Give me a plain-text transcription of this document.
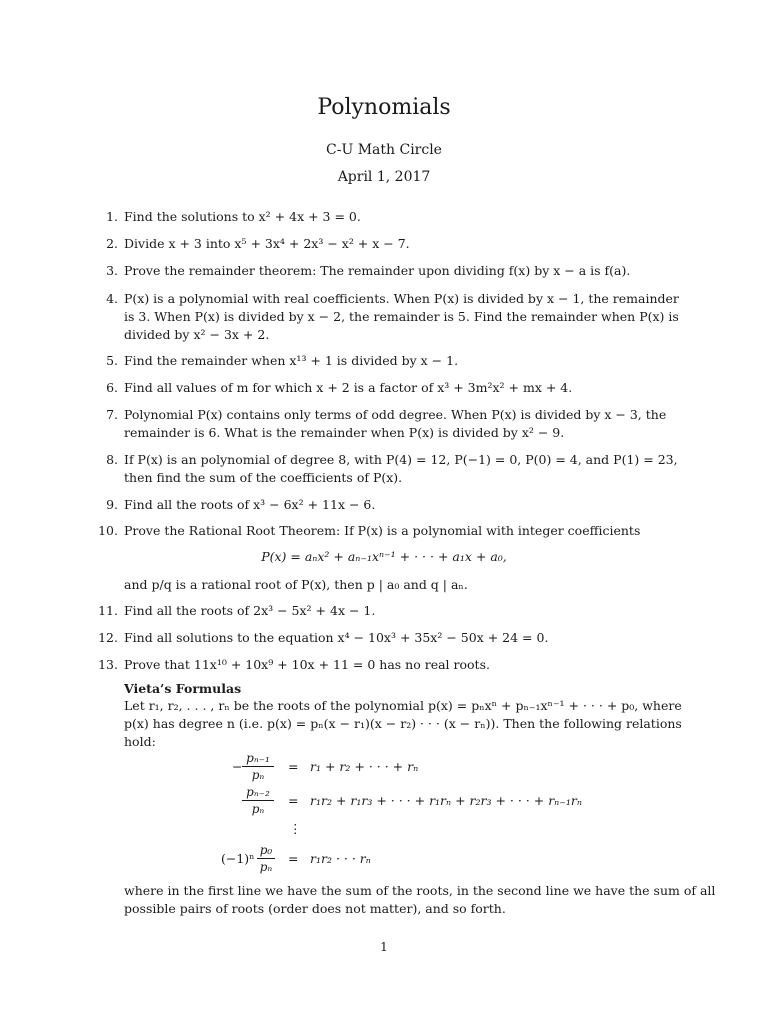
Polynomials
C-U Math Circle
April 1, 2017
1. Find the solutions to x² + 4x + 3 = 0.
2. Divide x + 3 into x⁵ + 3x⁴ + 2x³ − x² + x − 7.
3. Prove the remainder theorem: The remainder upon dividing f(x) by x − a is f(a).
4. P(x) is a polynomial with real coefficients. When P(x) is divided by x − 1, the remainder
is 3. When P(x) is divided by x − 2, the remainder is 5. Find the remainder when P(x) is
divided by x² − 3x + 2.
5. Find the remainder when x¹³ + 1 is divided by x − 1.
6. Find all values of m for which x + 2 is a factor of x³ + 3m²x² + mx + 4.
7. Polynomial P(x) contains only terms of odd degree. When P(x) is divided by x − 3, the
remainder is 6. What is the remainder when P(x) is divided by x² − 9.
8. If P(x) is an polynomial of degree 8, with P(4) = 12, P(−1) = 0, P(0) = 4, and P(1) = 23,
then find the sum of the coefficients of P(x).
9. Find all the roots of x³ − 6x² + 11x − 6.
10. Prove the Rational Root Theorem: If P(x) is a polynomial with integer coefficients
P(x) = aₙx² + aₙ₋₁xⁿ⁻¹ + · · · + a₁x + a₀,
and p/q is a rational root of P(x), then p | a₀ and q | aₙ.
11. Find all the roots of 2x³ − 5x² + 4x − 1.
12. Find all solutions to the equation x⁴ − 10x³ + 35x² − 50x + 24 = 0.
13. Prove that 11x¹⁰ + 10x⁹ + 10x + 11 = 0 has no real roots.
Vieta’s Formulas
Let r₁, r₂, . . . , rₙ be the roots of the polynomial p(x) = pₙxⁿ + pₙ₋₁xⁿ⁻¹ + · · · + p₀, where
p(x) has degree n (i.e. p(x) = pₙ(x − r₁)(x − r₂) · · · (x − rₙ)). Then the following relations
hold:
−
pₙ₋₁
pₙ
= r₁ + r₂ + · · · + rₙ
pₙ₋₂
pₙ
= r₁r₂ + r₁r₃ + · · · + r₁rₙ + r₂r₃ + · · · + rₙ₋₁rₙ
⋮
(−1)ⁿ
p₀
pₙ
= r₁r₂ · · · rₙ
where in the first line we have the sum of the roots, in the second line we have the sum of all
possible pairs of roots (order does not matter), and so forth.
1
